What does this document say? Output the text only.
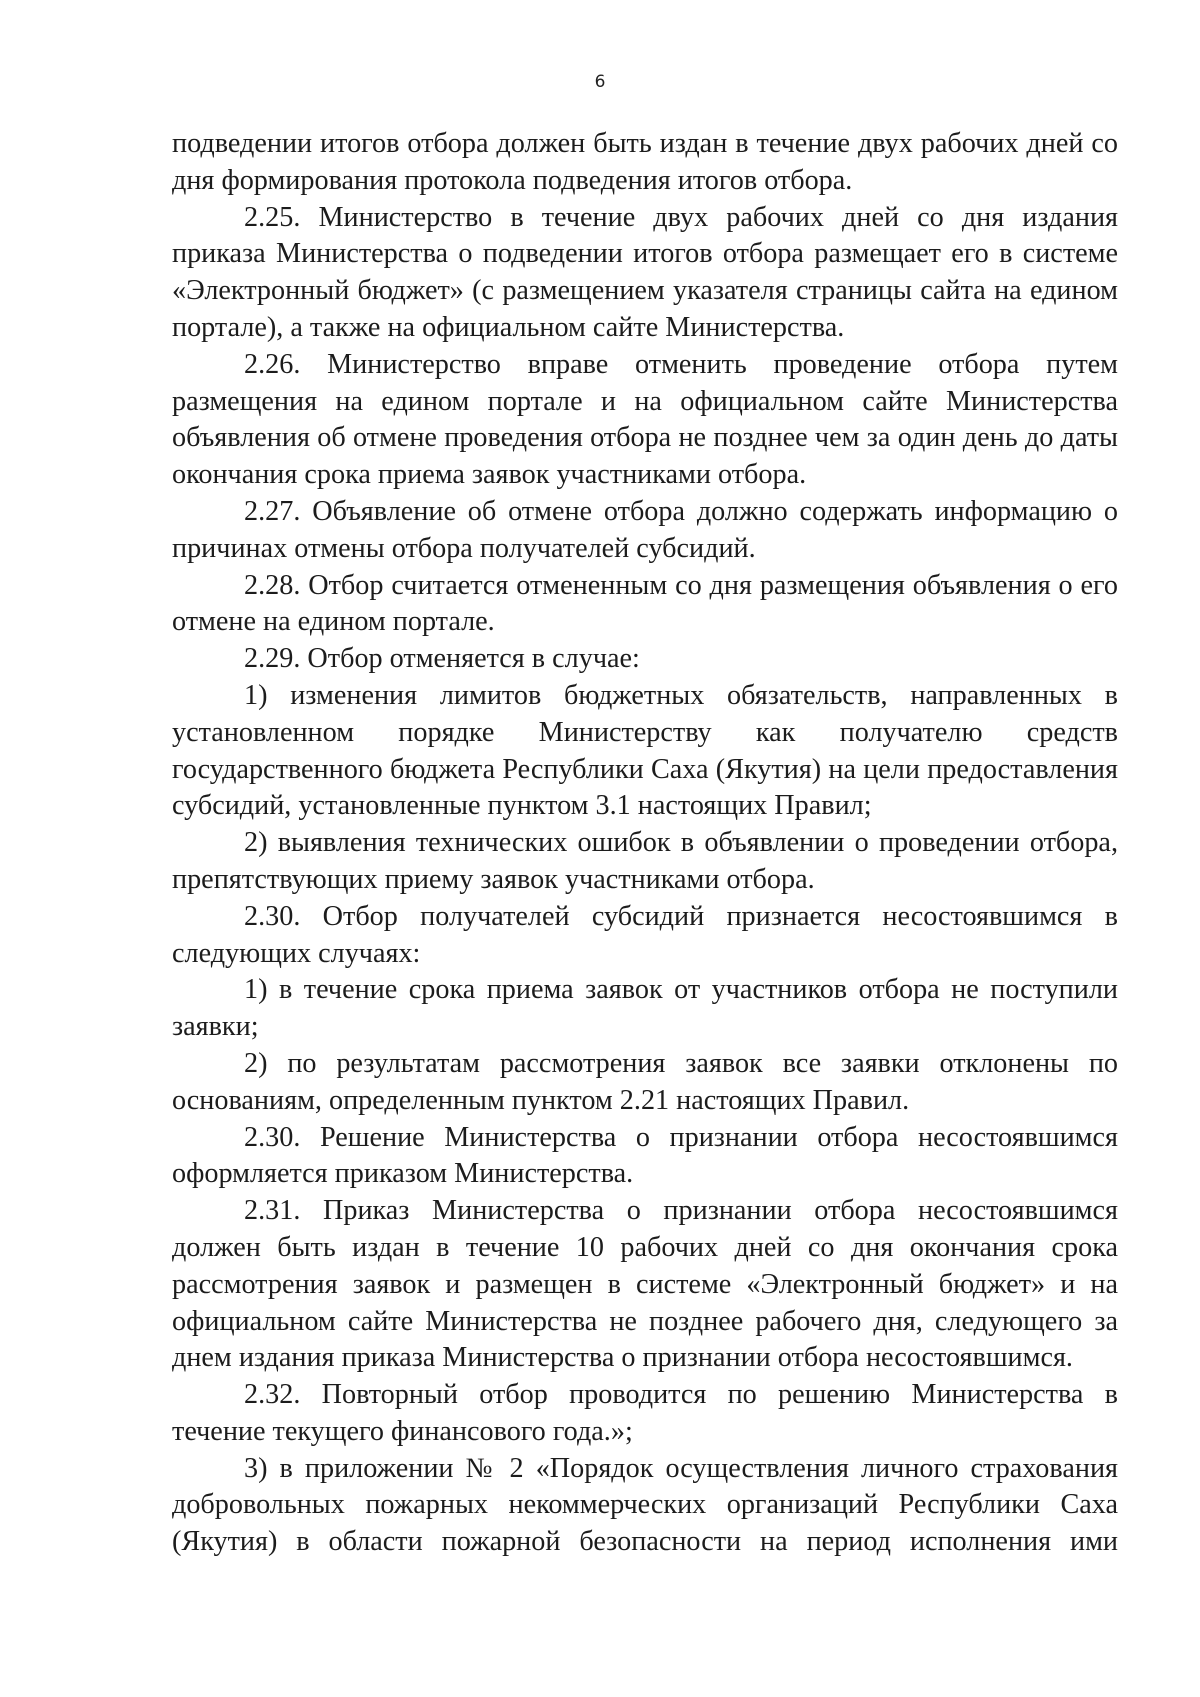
6

подведении итогов отбора должен быть издан в течение двух рабочих дней со дня формирования протокола подведения итогов отбора.

2.25. Министерство в течение двух рабочих дней со дня издания приказа Министерства о подведении итогов отбора размещает его в системе «Электронный бюджет» (с размещением указателя страницы сайта на едином портале), а также на официальном сайте Министерства.

2.26. Министерство вправе отменить проведение отбора путем размещения на едином портале и на официальном сайте Министерства объявления об отмене проведения отбора не позднее чем за один день до даты окончания срока приема заявок участниками отбора.

2.27. Объявление об отмене отбора должно содержать информацию о причинах отмены отбора получателей субсидий.

2.28. Отбор считается отмененным со дня размещения объявления о его отмене на едином портале.

2.29. Отбор отменяется в случае:

1) изменения лимитов бюджетных обязательств, направленных в установленном порядке Министерству как получателю средств государственного бюджета Республики Саха (Якутия) на цели предоставления субсидий, установленные пунктом 3.1 настоящих Правил;

2) выявления технических ошибок в объявлении о проведении отбора, препятствующих приему заявок участниками отбора.

2.30. Отбор получателей субсидий признается несостоявшимся в следующих случаях:

1) в течение срока приема заявок от участников отбора не поступили заявки;

2) по результатам рассмотрения заявок все заявки отклонены по основаниям, определенным пунктом 2.21 настоящих Правил.

2.30. Решение Министерства о признании отбора несостоявшимся оформляется приказом Министерства.

2.31. Приказ Министерства о признании отбора несостоявшимся должен быть издан в течение 10 рабочих дней со дня окончания срока рассмотрения заявок и размещен в системе «Электронный бюджет» и на официальном сайте Министерства не позднее рабочего дня, следующего за днем издания приказа Министерства о признании отбора несостоявшимся.

2.32. Повторный отбор проводится по решению Министерства в течение текущего финансового года.»;

3) в приложении № 2 «Порядок осуществления личного страхования добровольных пожарных некоммерческих организаций Республики Саха (Якутия) в области пожарной безопасности на период исполнения ими
